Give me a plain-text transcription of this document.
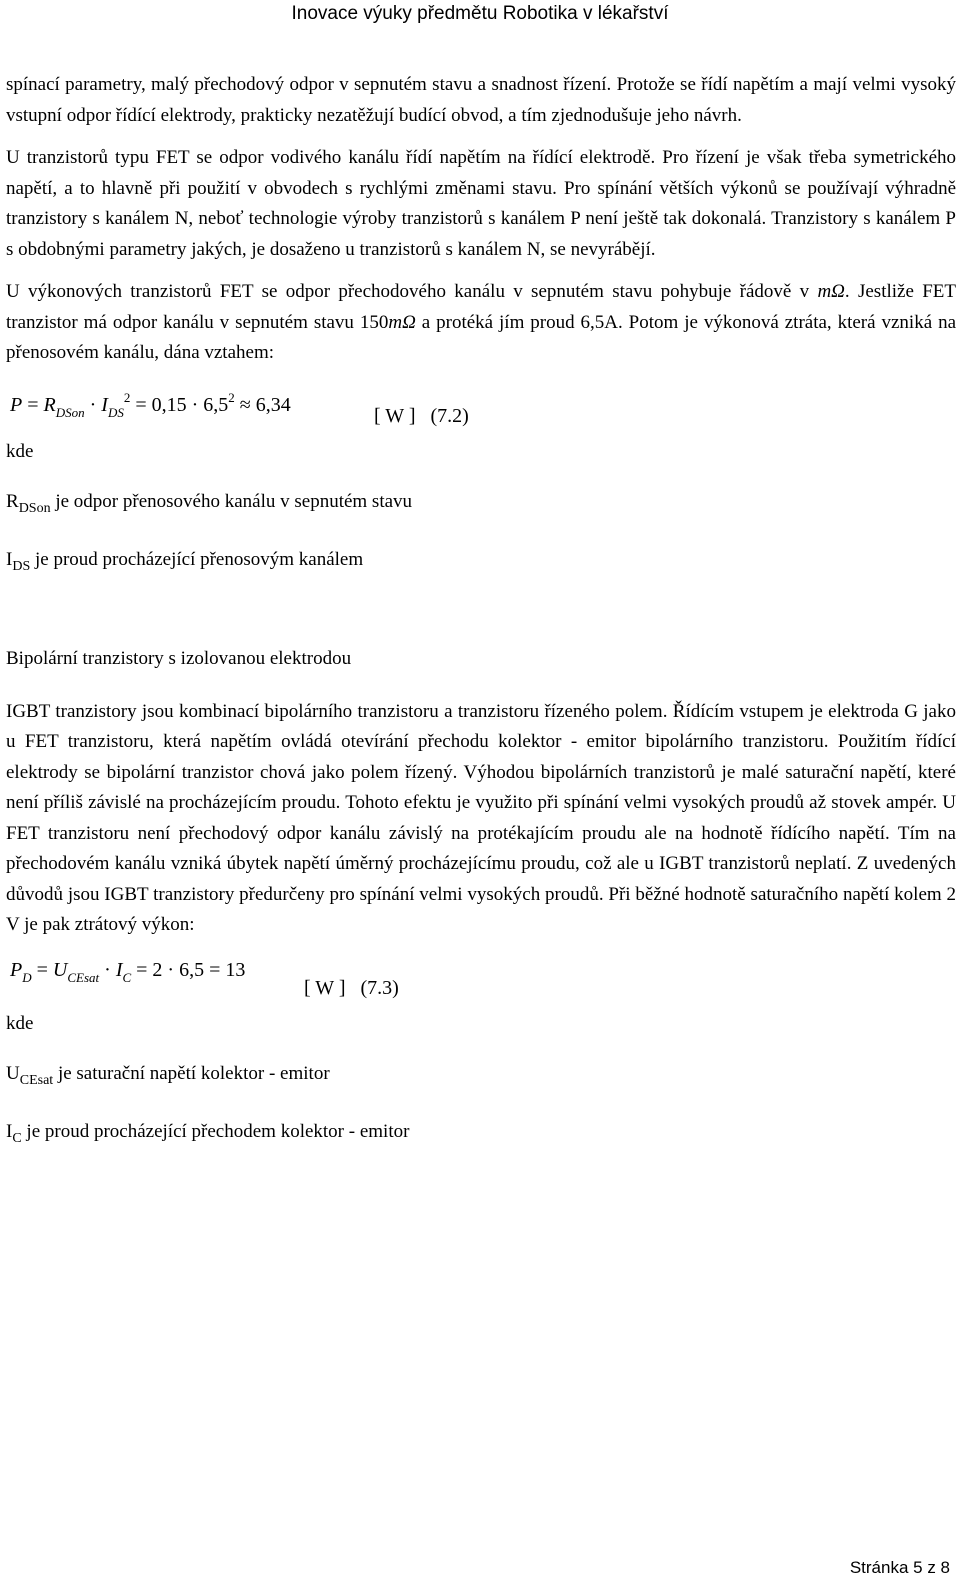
Inovace výuky předmětu Robotika v lékařství

spínací parametry, malý přechodový odpor v sepnutém stavu a snadnost řízení. Protože se řídí napětím a mají velmi vysoký vstupní odpor řídící elektrody, prakticky nezatěžují budící obvod, a tím zjednodušuje jeho návrh.

U tranzistorů typu FET se odpor vodivého kanálu řídí napětím na řídící elektrodě. Pro řízení je však třeba symetrického napětí, a to hlavně při použití v obvodech s rychlými změnami stavu. Pro spínání větších výkonů se používají výhradně tranzistory s kanálem N, neboť technologie výroby tranzistorů s kanálem P není ještě tak dokonalá. Tranzistory s kanálem P s obdobnými parametry jakých, je dosaženo u tranzistorů s kanálem N, se nevyrábějí.

U výkonových tranzistorů FET se odpor přechodového kanálu v sepnutém stavu pohybuje řádově v mΩ. Jestliže FET tranzistor má odpor kanálu v sepnutém stavu 150mΩ a protéká jím proud 6,5A. Potom je výkonová ztráta, která vzniká na přenosovém kanálu, dána vztahem:

$P = R_{DSon} \cdot I_{DS}^2 = 0,15 \cdot 6,5^2 \approx 6,34$	[ W ] (7.2)

kde

$R_{DSon}$ je odpor přenosového kanálu v sepnutém stavu

$I_{DS}$ je proud procházející přenosovým kanálem

Bipolární tranzistory s izolovanou elektrodou

IGBT tranzistory jsou kombinací bipolárního tranzistoru a tranzistoru řízeného polem. Řídícím vstupem je elektroda G jako u FET tranzistoru, která napětím ovládá otevírání přechodu kolektor - emitor bipolárního tranzistoru. Použitím řídící elektrody se bipolární tranzistor chová jako polem řízený. Výhodou bipolárních tranzistorů je malé saturační napětí, které není příliš závislé na procházejícím proudu. Tohoto efektu je využito při spínání velmi vysokých proudů až stovek ampér. U FET tranzistoru není přechodový odpor kanálu závislý na protékajícím proudu ale na hodnotě řídícího napětí. Tím na přechodovém kanálu vzniká úbytek napětí úměrný procházejícímu proudu, což ale u IGBT tranzistorů neplatí. Z uvedených důvodů jsou IGBT tranzistory předurčeny pro spínání velmi vysokých proudů. Při běžné hodnotě saturačního napětí kolem 2 V je pak ztrátový výkon:

$P_D = U_{CEsat} \cdot I_C = 2 \cdot 6,5 = 13$
[ W ] (7.3)

kde

$U_{CEsat}$ je saturační napětí kolektor - emitor

$I_C$ je proud procházející přechodem kolektor - emitor

Stránka 5 z 8
